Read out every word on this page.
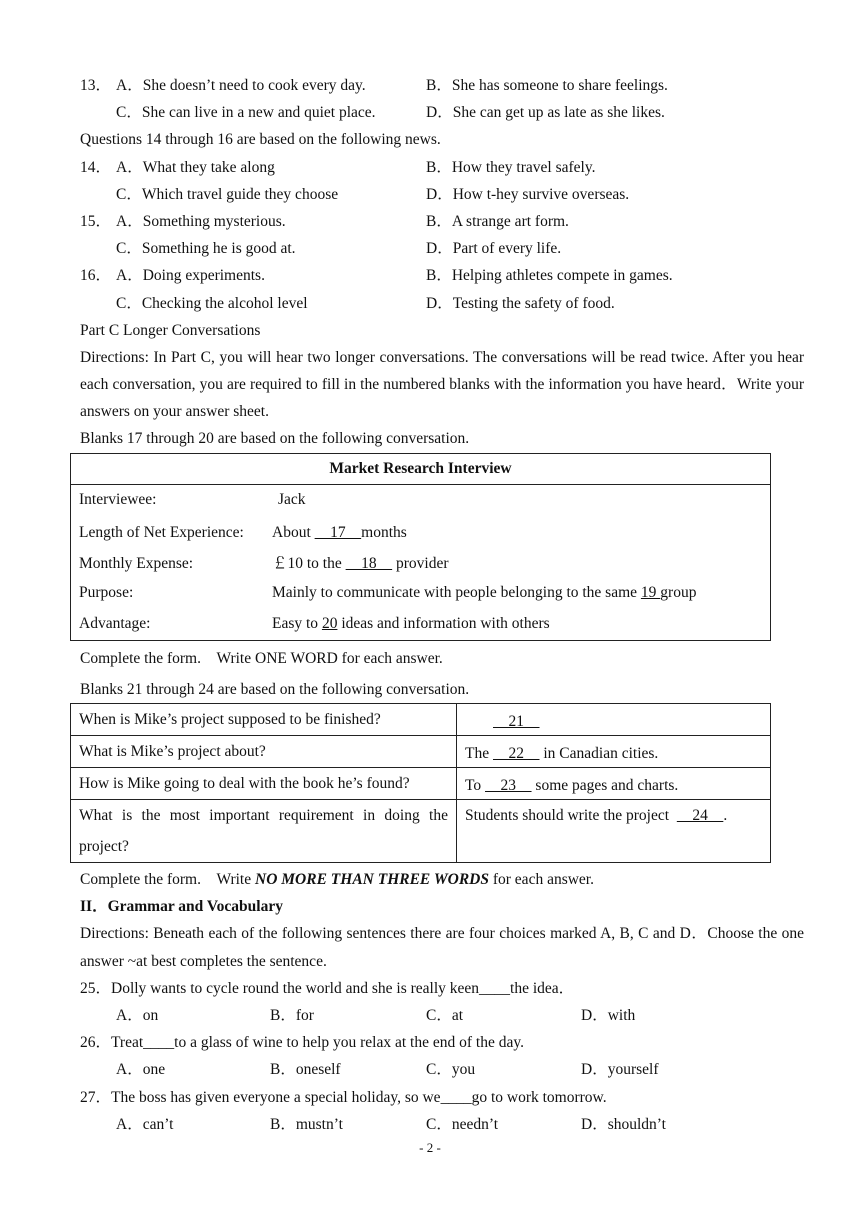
13． A．She doesn’t need to cook every day.	B．She has someone to share feelings.
C．She can live in a new and quiet place.	D．She can get up as late as she likes.
Questions 14 through 16 are based on the following news.
14． A．What they take along	B．How they travel safely.
C．Which travel guide they choose	D．How t-hey survive overseas.
15． A．Something mysterious.	B．A strange art form.
C．Something he is good at.	D．Part of every life.
16． A．Doing experiments.	B．Helping athletes compete in games.
C．Checking the alcohol level	D．Testing the safety of food.
Part C Longer Conversations
Directions: In Part C, you will hear two longer conversations. The conversations will be read twice. After you hear each conversation, you are required to fill in the numbered blanks with the information you have heard．Write your answers on your answer sheet.
Blanks 17 through 20 are based on the following conversation.
Market Research Interview
Interviewee:	Jack
Length of Net Experience: About 　17　months
Monthly Expense:	￡10 to the 　18　 provider
Purpose:	Mainly to communicate with people belonging to the same 19 group
Advantage:	Easy to 20 ideas and information with others
Complete the form.　Write ONE WORD for each answer.
Blanks 21 through 24 are based on the following conversation.
When is Mike’s project supposed to be finished?	　21　
What is Mike’s project about?	The 　22　 in Canadian cities.
How is Mike going to deal with the book he’s found?	To 　23　 some pages and charts.
What is the most important requirement in doing the project?	Students should write the project  　24　.
Complete the form.　Write NO MORE THAN THREE WORDS for each answer.
II．Grammar and Vocabulary
Directions: Beneath each of the following sentences there are four choices marked A, B, C and D．Choose the one answer ~at best completes the sentence.
25．Dolly wants to cycle round the world and she is really keen____the idea．
A．on	B．for	C．at	D．with
26．Treat____to a glass of wine to help you relax at the end of the day.
A．one	B．oneself	C．you	D．yourself
27．The boss has given everyone a special holiday, so we____go to work tomorrow.
A．can’t	B．mustn’t	C．needn’t	D．shouldn’t
- 2 -
